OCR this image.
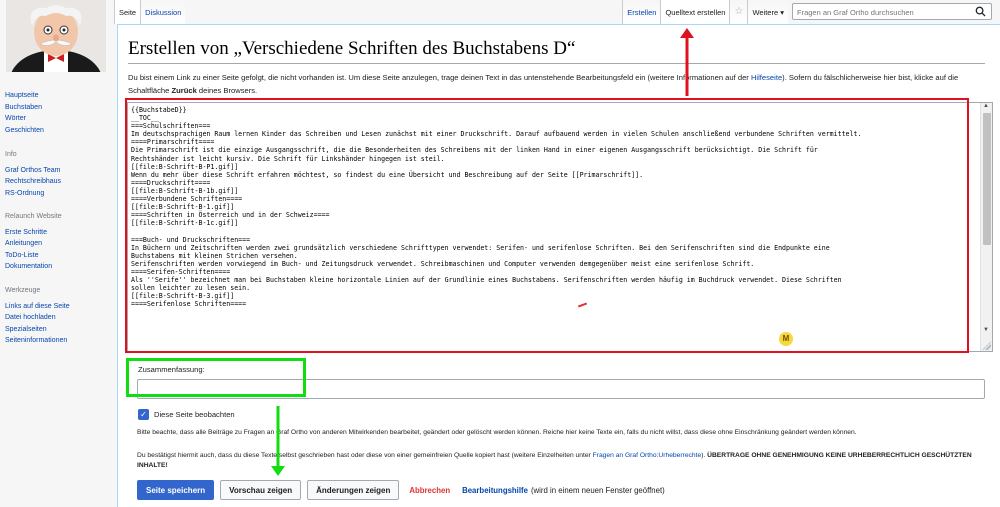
Hauptseite
Buchstaben
Wörter
Geschichten
Info
Graf Orthos Team
Rechtschreibhaus
RS-Ordnung
Relaunch Website
Erste Schritte
Anleitungen
ToDo-Liste
Dokumentation
Werkzeuge
Links auf diese Seite
Datei hochladen
Spezialseiten
Seiteninformationen
Seite	Diskussion	Erstellen	Quelltext erstellen ☆	Weitere ▾
Fragen an Graf Ortho durchsuchen
Erstellen von „Verschiedene Schriften des Buchstabens D“
Du bist einem Link zu einer Seite gefolgt, die nicht vorhanden ist. Um diese Seite anzulegen, trage deinen Text in das untenstehende Bearbeitungsfeld ein (weitere Informationen auf der Hilfeseite). Sofern du fälschlicherweise hier bist, klicke auf die Schaltfläche Zurück deines Browsers.
{{BuchstabeD}}
__TOC__
===Schulschriften===
Im deutschsprachigen Raum lernen Kinder das Schreiben und Lesen zunächst mit einer Druckschrift. Darauf aufbauend werden in vielen Schulen anschließend verbundene Schriften vermittelt.
====Primarschrift====
Die Primarschrift ist die einzige Ausgangsschrift, die die Besonderheiten des Schreibens mit der linken Hand in einer eigenen Ausgangsschrift berücksichtigt. Die Schrift für
Rechtshänder ist leicht kursiv. Die Schrift für Linkshänder hingegen ist steil.
[[file:B-Schrift-B-P1.gif]]
Wenn du mehr über diese Schrift erfahren möchtest, so findest du eine Übersicht und Beschreibung auf der Seite [[Primarschrift]].
====Druckschrift====
[[file:B-Schrift-B-1b.gif]]
====Verbundene Schriften====
[[file:B-Schrift-B-1.gif]]
====Schriften in Österreich und in der Schweiz====
[[file:B-Schrift-B-1c.gif]]

===Buch- und Druckschriften===
In Büchern und Zeitschriften werden zwei grundsätzlich verschiedene Schrifttypen verwendet: Serifen- und serifenlose Schriften. Bei den Serifenschriften sind die Endpunkte eine
Buchstabens mit kleinen Strichen versehen.
Serifenschriften werden vorwiegend im Buch- und Zeitungsdruck verwendet. Schreibmaschinen und Computer verwenden demgegenüber meist eine serifenlose Schrift.
====Serifen-Schriften====
Als ''Serife'' bezeichnet man bei Buchstaben kleine horizontale Linien auf der Grundlinie eines Buchstabens. Serifenschriften werden häufig im Buchdruck verwendet. Diese Schriften
sollen leichter zu lesen sein.
[[file:B-Schrift-B-3.gif]]
====Serifenlose Schriften====
▲
▼
M
Zusammenfassung:
✓ Diese Seite beobachten
Bitte beachte, dass alle Beiträge zu Fragen an Graf Ortho von anderen Mitwirkenden bearbeitet, geändert oder gelöscht werden können. Reiche hier keine Texte ein, falls du nicht willst, dass diese ohne Einschränkung geändert werden können.
Du bestätigst hiermit auch, dass du diese Texte selbst geschrieben hast oder diese von einer gemeinfreien Quelle kopiert hast (weitere Einzelheiten unter Fragen an Graf Ortho:Urheberrechte). ÜBERTRAGE OHNE GENEHMIGUNG KEINE URHEBERRECHTLICH GESCHÜTZTEN INHALTE!
Seite speichern	Vorschau zeigen	Änderungen zeigen	Abbrechen Bearbeitungshilfe (wird in einem neuen Fenster geöffnet)
